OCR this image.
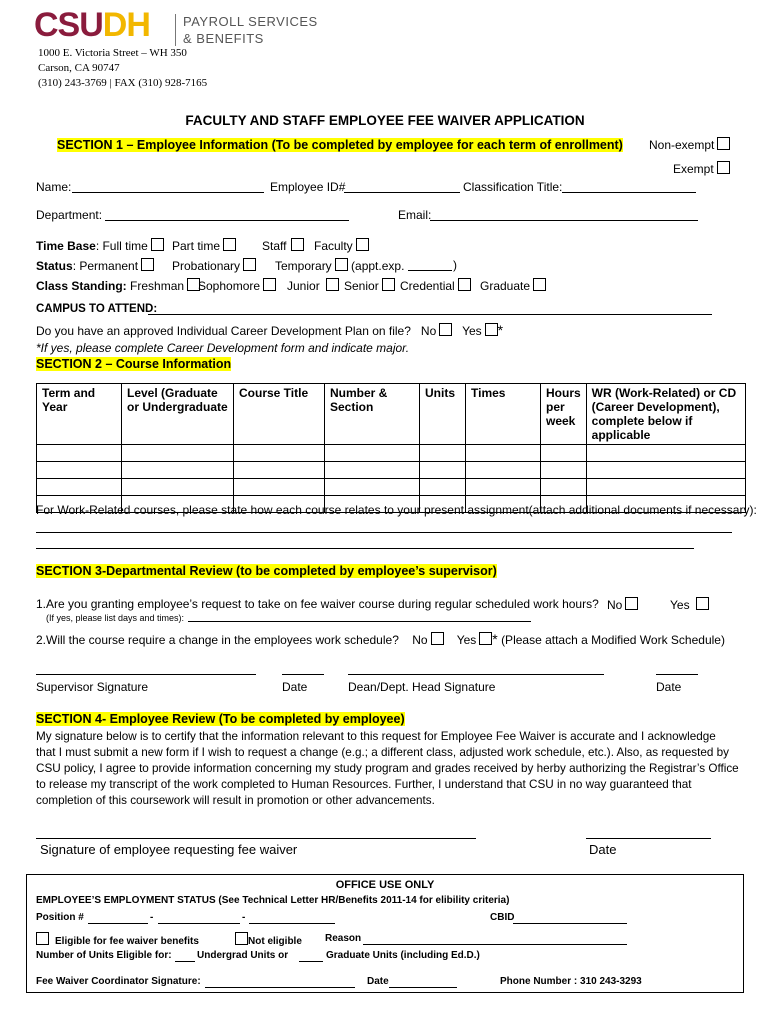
CSUDH	PAYROLL SERVICES
& BENEFITS
1000 E. Victoria Street – WH 350
Carson, CA 90747
(310) 243-3769 | FAX (310) 928-7165
FACULTY AND STAFF EMPLOYEE FEE WAIVER APPLICATION
SECTION 1 – Employee Information (To be completed by employee for each term of enrollment) Non-exempt
Exempt
Name:	Employee ID#	Classification Title:
Department:	Email:
Time Base: Full time	Part time	Staff	Faculty
Status: Permanent	Probationary	Temporary (appt.exp.	)
Class Standing: Freshman	Sophomore	Junior	Senior	Credential	Graduate
CAMPUS TO ATTEND:
Do you have an approved Individual Career Development Plan on file? No Yes *
*If yes, please complete Career Development form and indicate major.
SECTION 2 – Course Information
Term and Year	Level (Graduate or Undergraduate	Course Title	Number & Section	Units	Times	Hours per week	WR (Work-Related) or CD (Career Development), complete below if applicable

For Work-Related courses, please state how each course relates to your present assignment(attach additional documents if necessary):
SECTION 3-Departmental Review (to be completed by employee’s supervisor)
1.Are you granting employee’s request to take on fee waiver course during regular scheduled work hours? No	Yes
(If yes, please list days and times):
2.Will the course require a change in the employees work schedule? No Yes * (Please attach a Modified Work Schedule)
Supervisor Signature	Date	Dean/Dept. Head Signature	Date
SECTION 4- Employee Review (To be completed by employee)
My signature below is to certify that the information relevant to this request for Employee Fee Waiver is accurate and I acknowledge
that I must submit a new form if I wish to request a change (e.g.; a different class, adjusted work schedule, etc.). Also, as requested by
CSU policy, I agree to provide information concerning my study program and grades received by herby authorizing the Registrar’s Office
to release my transcript of the work completed to Human Resources. Further, I understand that CSU in no way guaranteed that
completion of this coursework will result in promotion or other advancements.
Signature of employee requesting fee waiver	Date
OFFICE USE ONLY
EMPLOYEE’S EMPLOYMENT STATUS (See Technical Letter HR/Benefits 2011-14 for elibility criteria)
Position #	-	-	CBID
Eligible for fee waiver benefits	Not eligible Reason
Number of Units Eligible for:	Undergrad Units or	Graduate Units (including Ed.D.)
Fee Waiver Coordinator Signature:	Date	Phone Number : 310 243-3293
